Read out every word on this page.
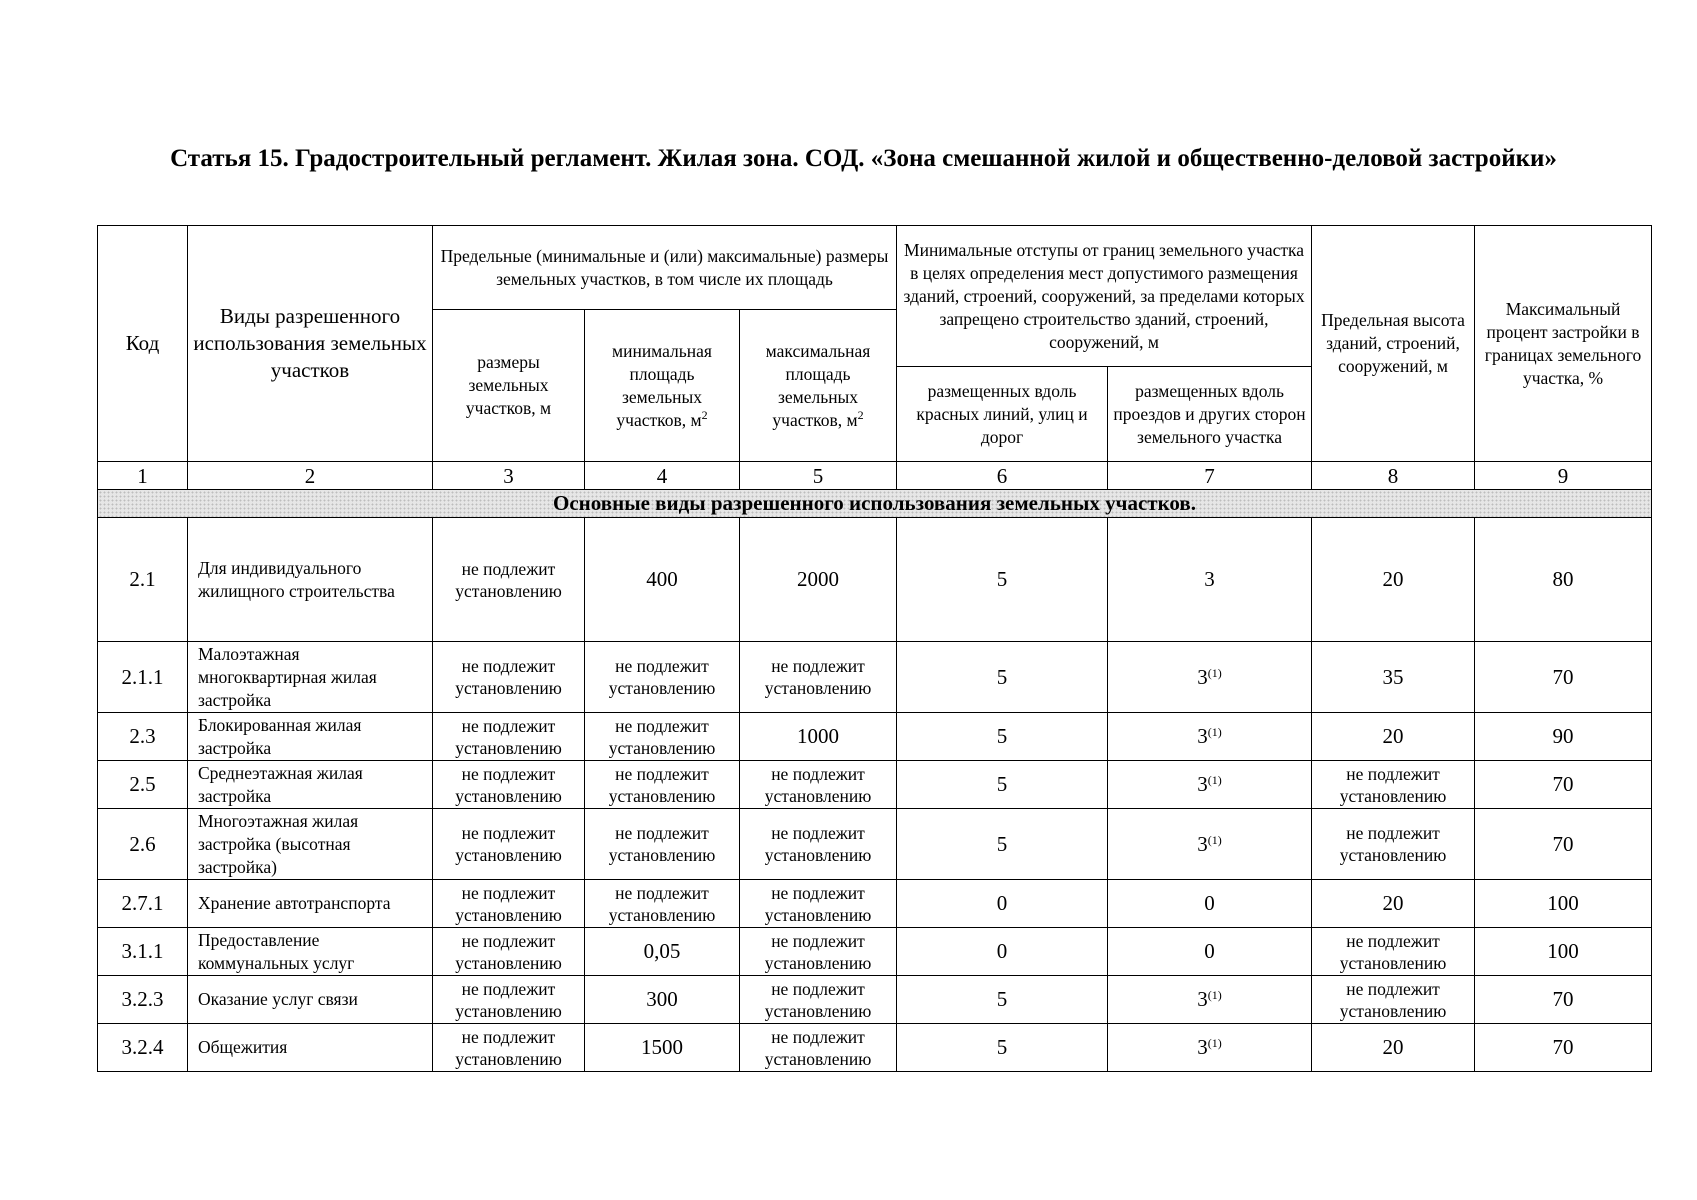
Статья 15. Градостроительный регламент. Жилая зона. СОД. «Зона смешанной жилой и общественно-деловой застройки»
Код	Виды разрешенного использования земельных участков	Предельные (минимальные и (или) максимальные) размеры земельных участков, в том числе их площадь			Минимальные отступы от границ земельного участка в целях определения мест допустимого размещения зданий, строений, сооружений, за пределами которых запрещено строительство зданий, строений, сооружений, м		Предельная высота зданий, строений, сооружений, м	Максимальный процент застройки в границах земельного участка, %
		размеры земельных участков, м	минимальная площадь земельных участков, $м^2$	максимальная площадь земельных участков, $м^2$
					размещенных вдоль красных линий, улиц и дорог	размещенных вдоль проездов и других сторон земельного участка		
1	2	3	4	5	6	7	8	9
Основные виды разрешенного использования земельных участков.								
2.1	Для индивидуального жилищного строительства	не подлежит установлению	400	2000	5	3	20	80
2.1.1	Малоэтажная многоквартирная жилая застройка	не подлежит установлению	не подлежит установлению	не подлежит установлению	5	3$^{(1)}$	35	70
2.3	Блокированная жилая застройка	не подлежит установлению	не подлежит установлению	1000	5	3$^{(1)}$	20	90
2.5	Среднеэтажная жилая застройка	не подлежит установлению	не подлежит установлению	не подлежит установлению	5	3$^{(1)}$	не подлежит установлению	70
2.6	Многоэтажная жилая застройка (высотная застройка)	не подлежит установлению	не подлежит установлению	не подлежит установлению	5	3$^{(1)}$	не подлежит установлению	70
2.7.1	Хранение автотранспорта	не подлежит установлению	не подлежит установлению	не подлежит установлению	0	0	20	100
3.1.1	Предоставление коммунальных услуг	не подлежит установлению	0,05	не подлежит установлению	0	0	не подлежит установлению	100
3.2.3	Оказание услуг связи	не подлежит установлению	300	не подлежит установлению	5	3$^{(1)}$	не подлежит установлению	70
3.2.4	Общежития	не подлежит установлению	1500	не подлежит установлению	5	3$^{(1)}$	20	70
